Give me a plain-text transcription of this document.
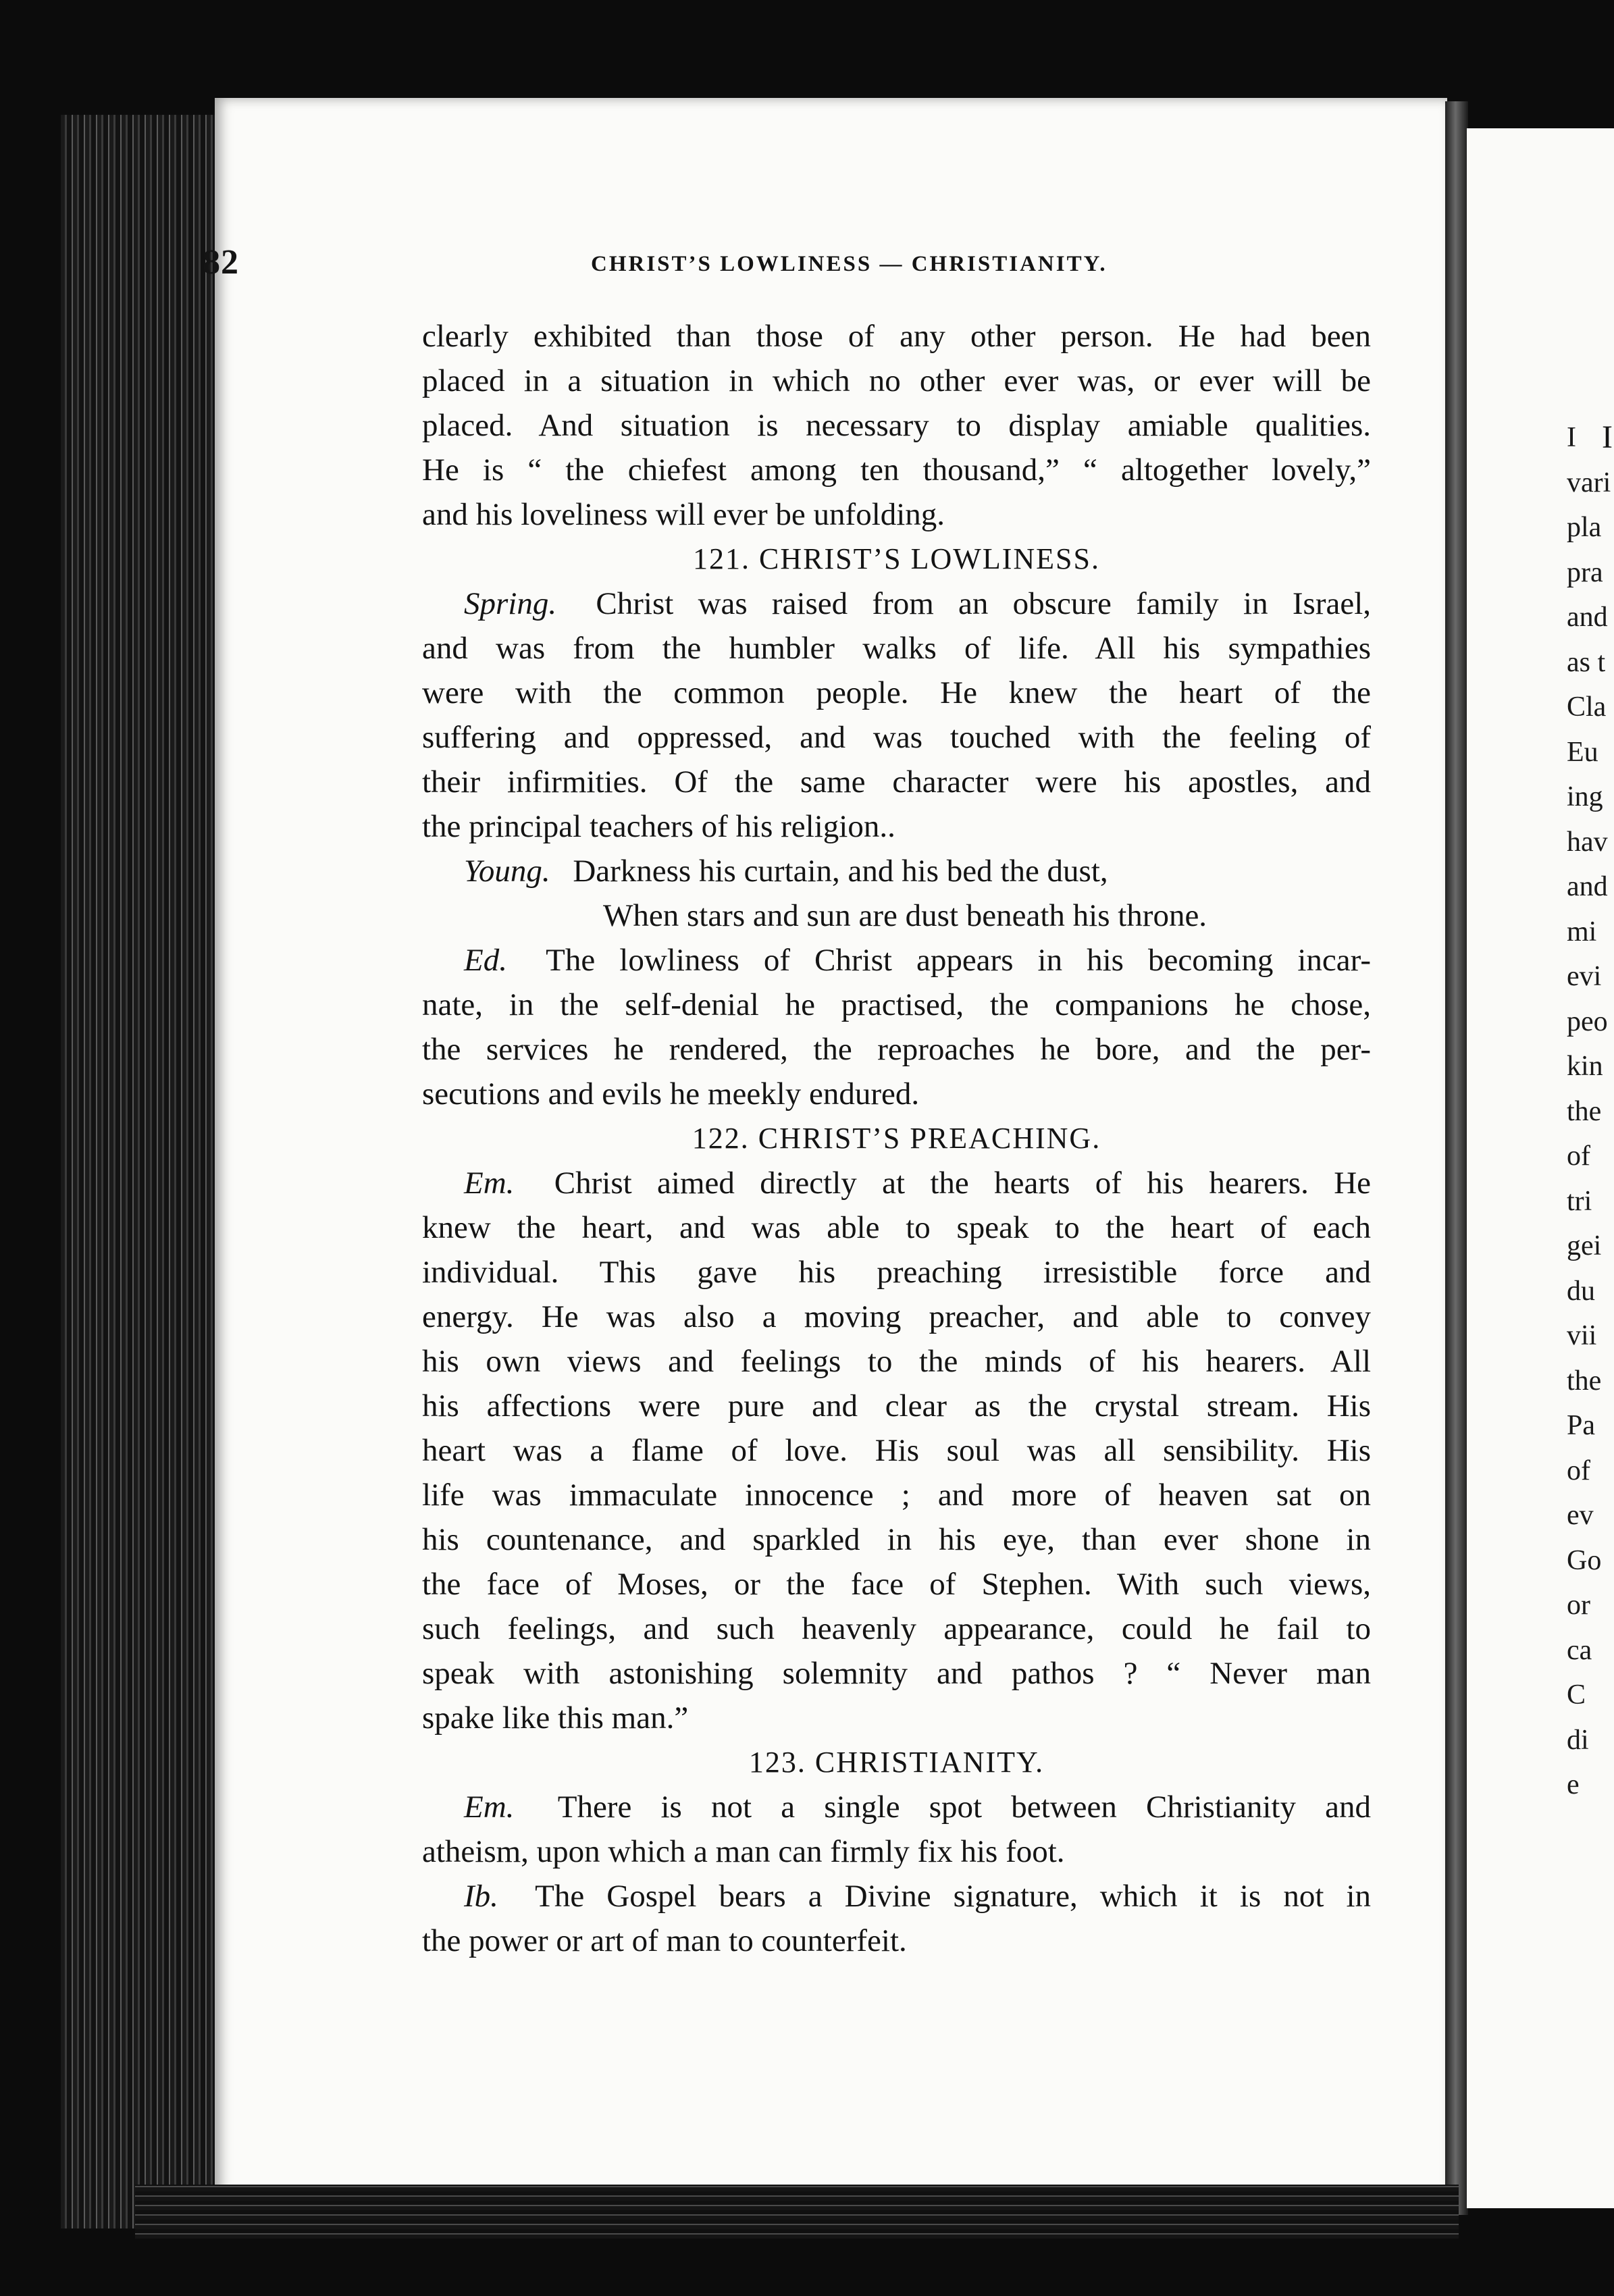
I
I
vari
pla
pra
and
as t
Cla
Eu
ing
hav
and
mi
evi
peo
kin
the
of
tri
gei
du
vii
the
Pa
of
ev
Go
or
ca
C
di
e
82	CHRIST’S LOWLINESS — CHRISTIANITY.
clearly exhibited than those of any other person. He had been
placed in a situation in which no other ever was, or ever will be
placed. And situation is necessary to display amiable qualities.
He is “ the chiefest among ten thousand,” “ altogether lovely,”
and his loveliness will ever be unfolding.
121. CHRIST’S LOWLINESS.
Spring. Christ was raised from an obscure family in Israel,
and was from the humbler walks of life. All his sympathies
were with the common people. He knew the heart of the
suffering and oppressed, and was touched with the feeling of
their infirmities. Of the same character were his apostles, and
the principal teachers of his religion..
Young. Darkness his curtain, and his bed the dust,
When stars and sun are dust beneath his throne.
Ed. The lowliness of Christ appears in his becoming incar-
nate, in the self-denial he practised, the companions he chose,
the services he rendered, the reproaches he bore, and the per-
secutions and evils he meekly endured.
122. CHRIST’S PREACHING.
Em. Christ aimed directly at the hearts of his hearers. He
knew the heart, and was able to speak to the heart of each
individual. This gave his preaching irresistible force and
energy. He was also a moving preacher, and able to convey
his own views and feelings to the minds of his hearers. All
his affections were pure and clear as the crystal stream. His
heart was a flame of love. His soul was all sensibility. His
life was immaculate innocence ; and more of heaven sat on
his countenance, and sparkled in his eye, than ever shone in
the face of Moses, or the face of Stephen. With such views,
such feelings, and such heavenly appearance, could he fail to
speak with astonishing solemnity and pathos ? “ Never man
spake like this man.”
123. CHRISTIANITY.
Em. There is not a single spot between Christianity and
atheism, upon which a man can firmly fix his foot.
Ib. The Gospel bears a Divine signature, which it is not in
the power or art of man to counterfeit.
